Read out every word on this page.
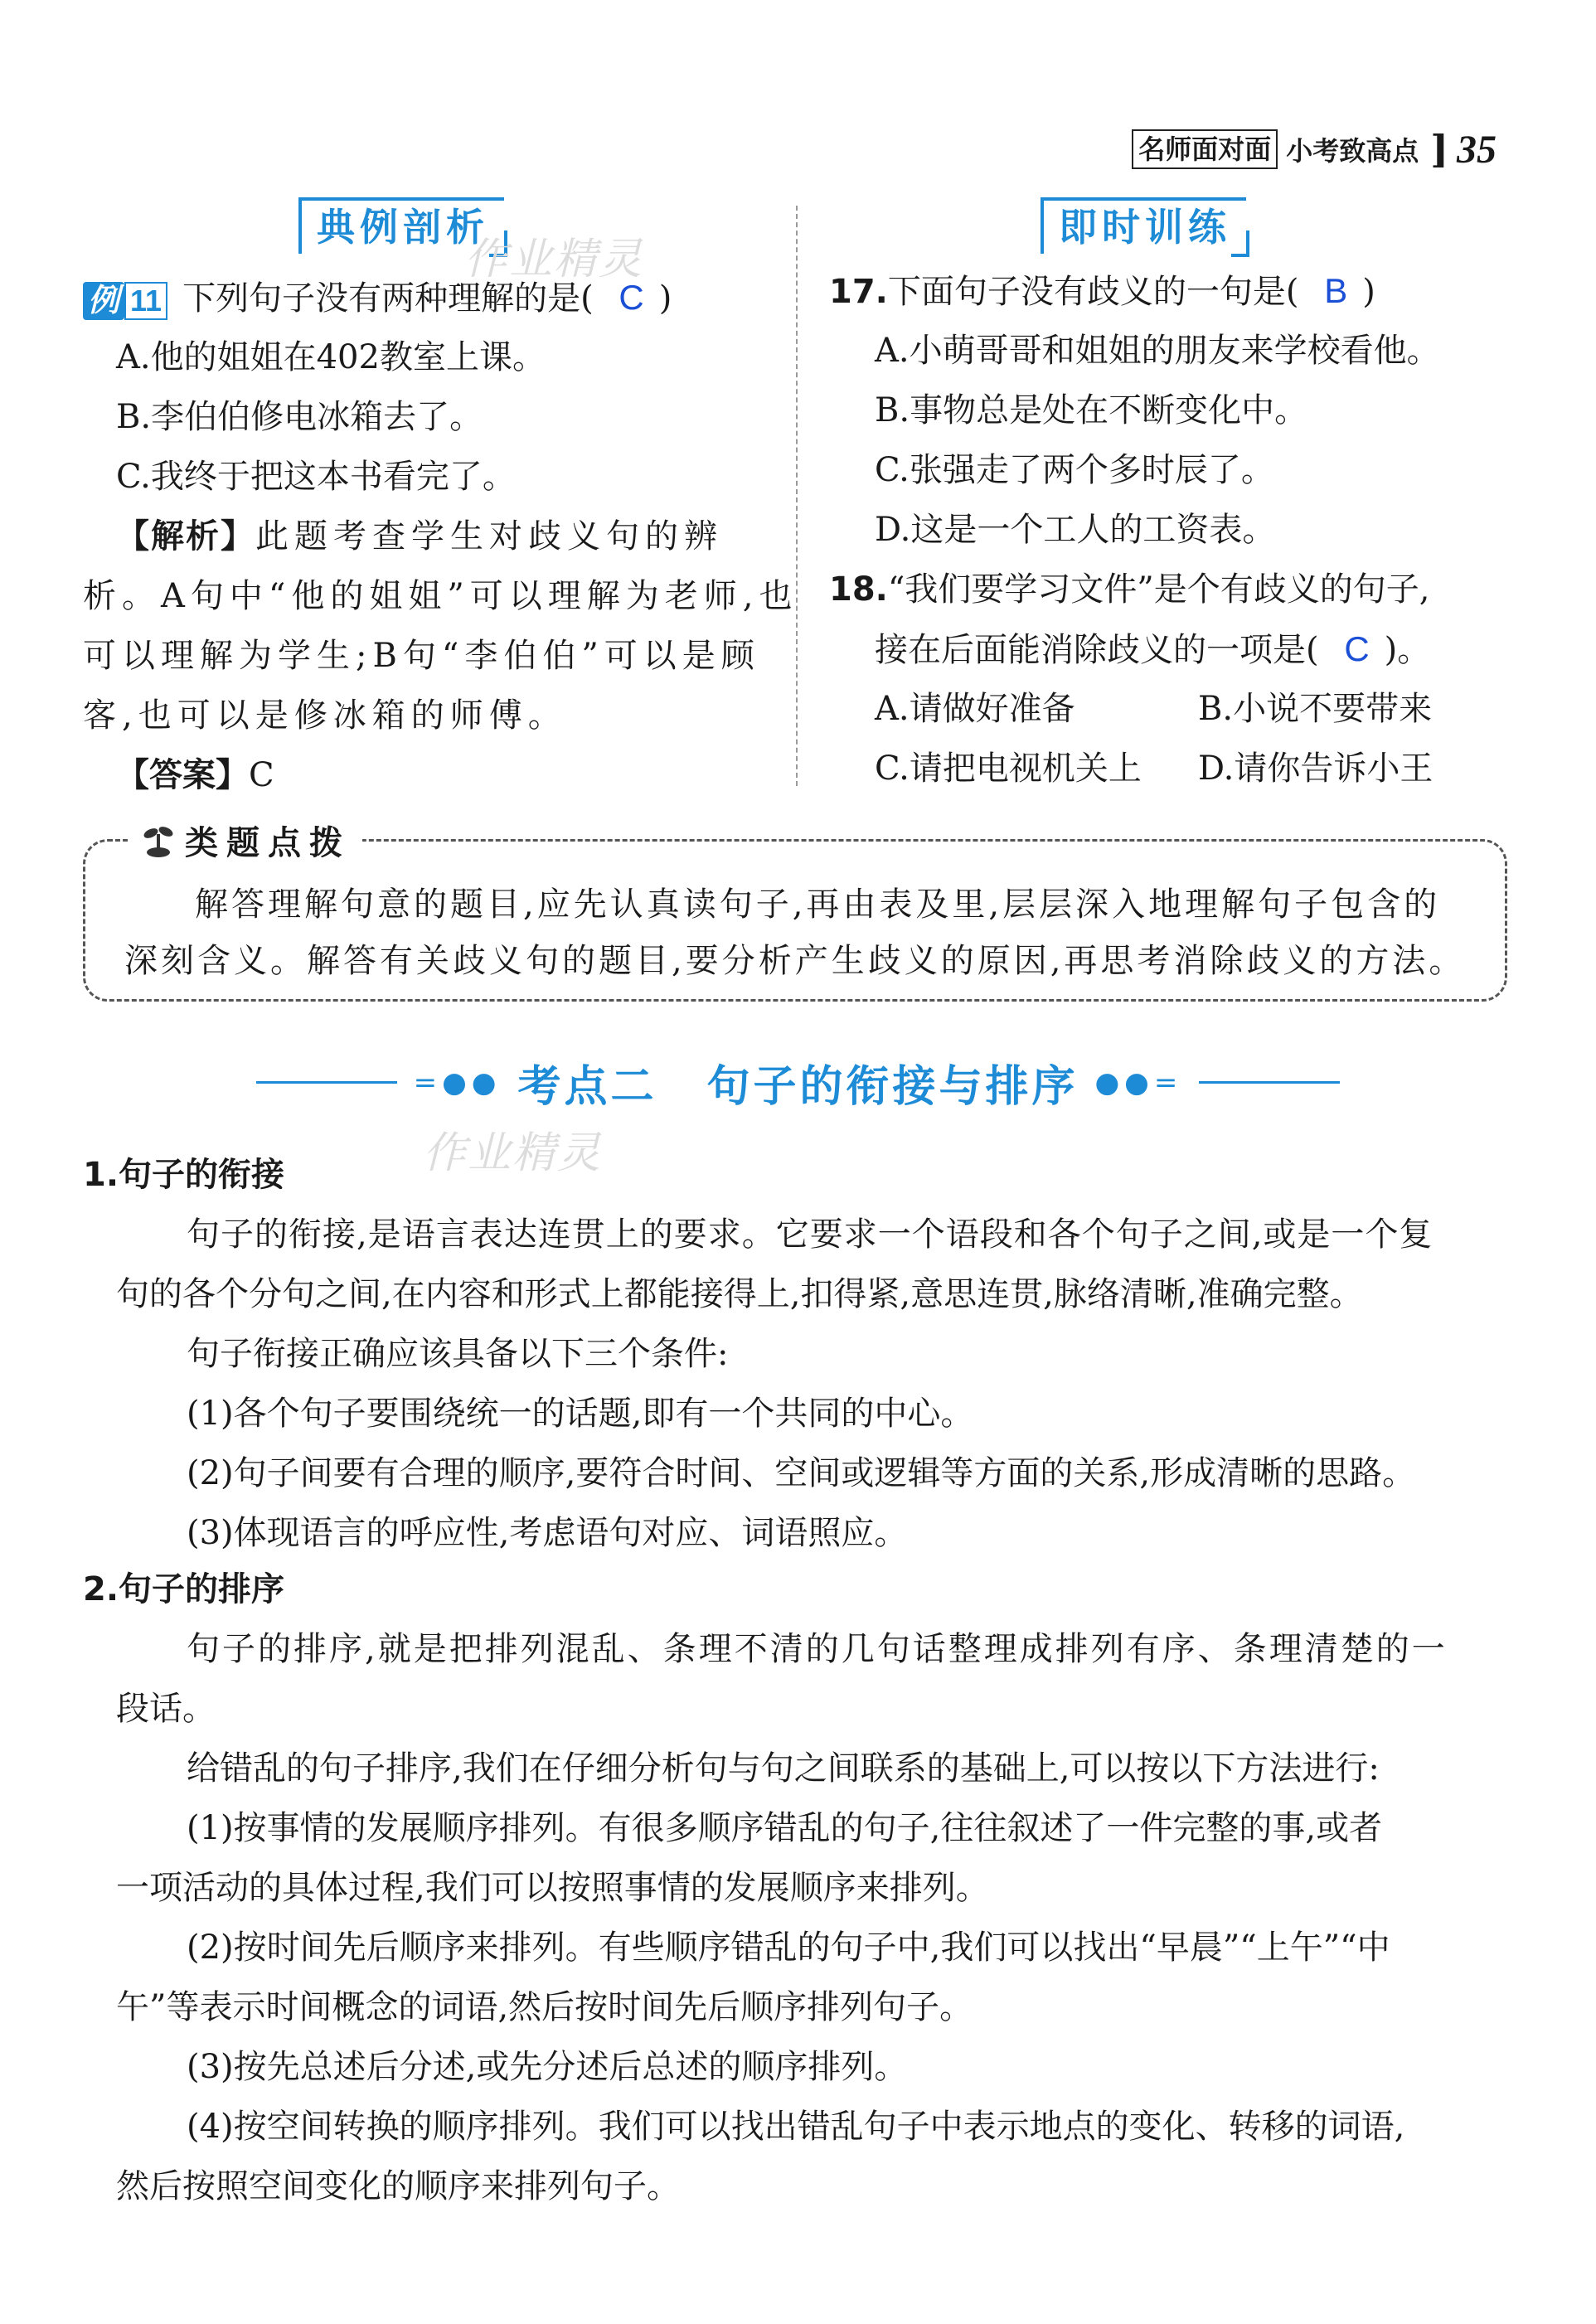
名师面对面 小考致高点 ] 35
典例剖析
作业精灵
例 11 下列句子没有两种理解的是( C )
A.他的姐姐在402教室上课。
B.李伯伯修电冰箱去了。
C.我终于把这本书看完了。
【解析】此题考查学生对歧义句的辨
析。A句中“他的姐姐”可以理解为老师,也
可以理解为学生;B句“李伯伯”可以是顾
客,也可以是修冰箱的师傅。
【答案】C
即时训练
17.下面句子没有歧义的一句是( B )
A.小萌哥哥和姐姐的朋友来学校看他。
B.事物总是处在不断变化中。
C.张强走了两个多时辰了。
D.这是一个工人的工资表。
18.“我们要学习文件”是个有歧义的句子,
接在后面能消除歧义的一项是( C )。
A.请做好准备	B.小说不要带来
C.请把电视机关上 D.请你告诉小王
类题点拨
解答理解句意的题目,应先认真读句子,再由表及里,层层深入地理解句子包含的
深刻含义。解答有关歧义句的题目,要分析产生歧义的原因,再思考消除歧义的方法。
=●● 考点二 句子的衔接与排序 ●●=
作业精灵
1.句子的衔接
句子的衔接,是语言表达连贯上的要求。它要求一个语段和各个句子之间,或是一个复
句的各个分句之间,在内容和形式上都能接得上,扣得紧,意思连贯,脉络清晰,准确完整。
句子衔接正确应该具备以下三个条件:
(1)各个句子要围绕统一的话题,即有一个共同的中心。
(2)句子间要有合理的顺序,要符合时间、空间或逻辑等方面的关系,形成清晰的思路。
(3)体现语言的呼应性,考虑语句对应、词语照应。
2.句子的排序
句子的排序,就是把排列混乱、条理不清的几句话整理成排列有序、条理清楚的一
段话。
给错乱的句子排序,我们在仔细分析句与句之间联系的基础上,可以按以下方法进行:
(1)按事情的发展顺序排列。有很多顺序错乱的句子,往往叙述了一件完整的事,或者
一项活动的具体过程,我们可以按照事情的发展顺序来排列。
(2)按时间先后顺序来排列。有些顺序错乱的句子中,我们可以找出“早晨”“上午”“中
午”等表示时间概念的词语,然后按时间先后顺序排列句子。
(3)按先总述后分述,或先分述后总述的顺序排列。
(4)按空间转换的顺序排列。我们可以找出错乱句子中表示地点的变化、转移的词语,
然后按照空间变化的顺序来排列句子。
